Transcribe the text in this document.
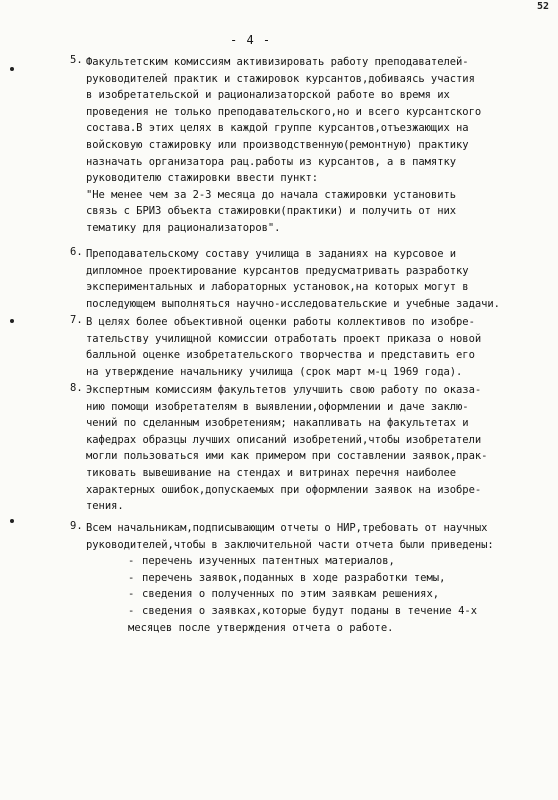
52
- 4 -
5. Факультетским комиссиям активизировать работу преподавателей-
руководителей практик и стажировок курсантов,добиваясь участия
в изобретательской и рационализаторской работе во время их
проведения не только преподавательского,но и всего курсантского
состава.В этих целях в каждой группе курсантов,отъезжающих на
войсковую стажировку или производственную(ремонтную) практику
назначать организатора рац.работы из курсантов, а в памятку
руководителю стажировки ввести пункт:
"Не менее чем за 2-3 месяца до начала стажировки установить
связь с БРИЗ объекта стажировки(практики) и получить от них
тематику для рационализаторов".
6. Преподавательскому составу училища в заданиях на курсовое и
дипломное проектирование курсантов предусматривать разработку
экспериментальных и лабораторных установок,на которых могут в
последующем выполняться научно-исследовательские и учебные задачи.
7. В целях более объективной оценки работы коллективов по изобре-
тательству училищной комиссии отработать проект приказа о новой
балльной оценке изобретательского творчества и представить его
на утверждение начальнику училища (срок март м-ц 1969 года).
8. Экспертным комиссиям факультетов улучшить свою работу по оказа-
нию помощи изобретателям в выявлении,оформлении и даче заклю-
чений по сделанным изобретениям; накапливать на факультетах и
кафедрах образцы лучших описаний изобретений,чтобы изобретатели
могли пользоваться ими как примером при составлении заявок,прак-
тиковать вывешивание на стендах и витринах перечня наиболее
характерных ошибок,допускаемых при оформлении заявок на изобре-
тения.
9. Всем начальникам,подписывающим отчеты о НИР,требовать от научных
руководителей,чтобы в заключительной части отчета были приведены:
- перечень изученных патентных материалов,
- перечень заявок,поданных в ходе разработки темы,
- сведения о полученных по этим заявкам решениях,
- сведения о заявках,которые будут поданы в течение 4-х
месяцев после утверждения отчета о работе.
